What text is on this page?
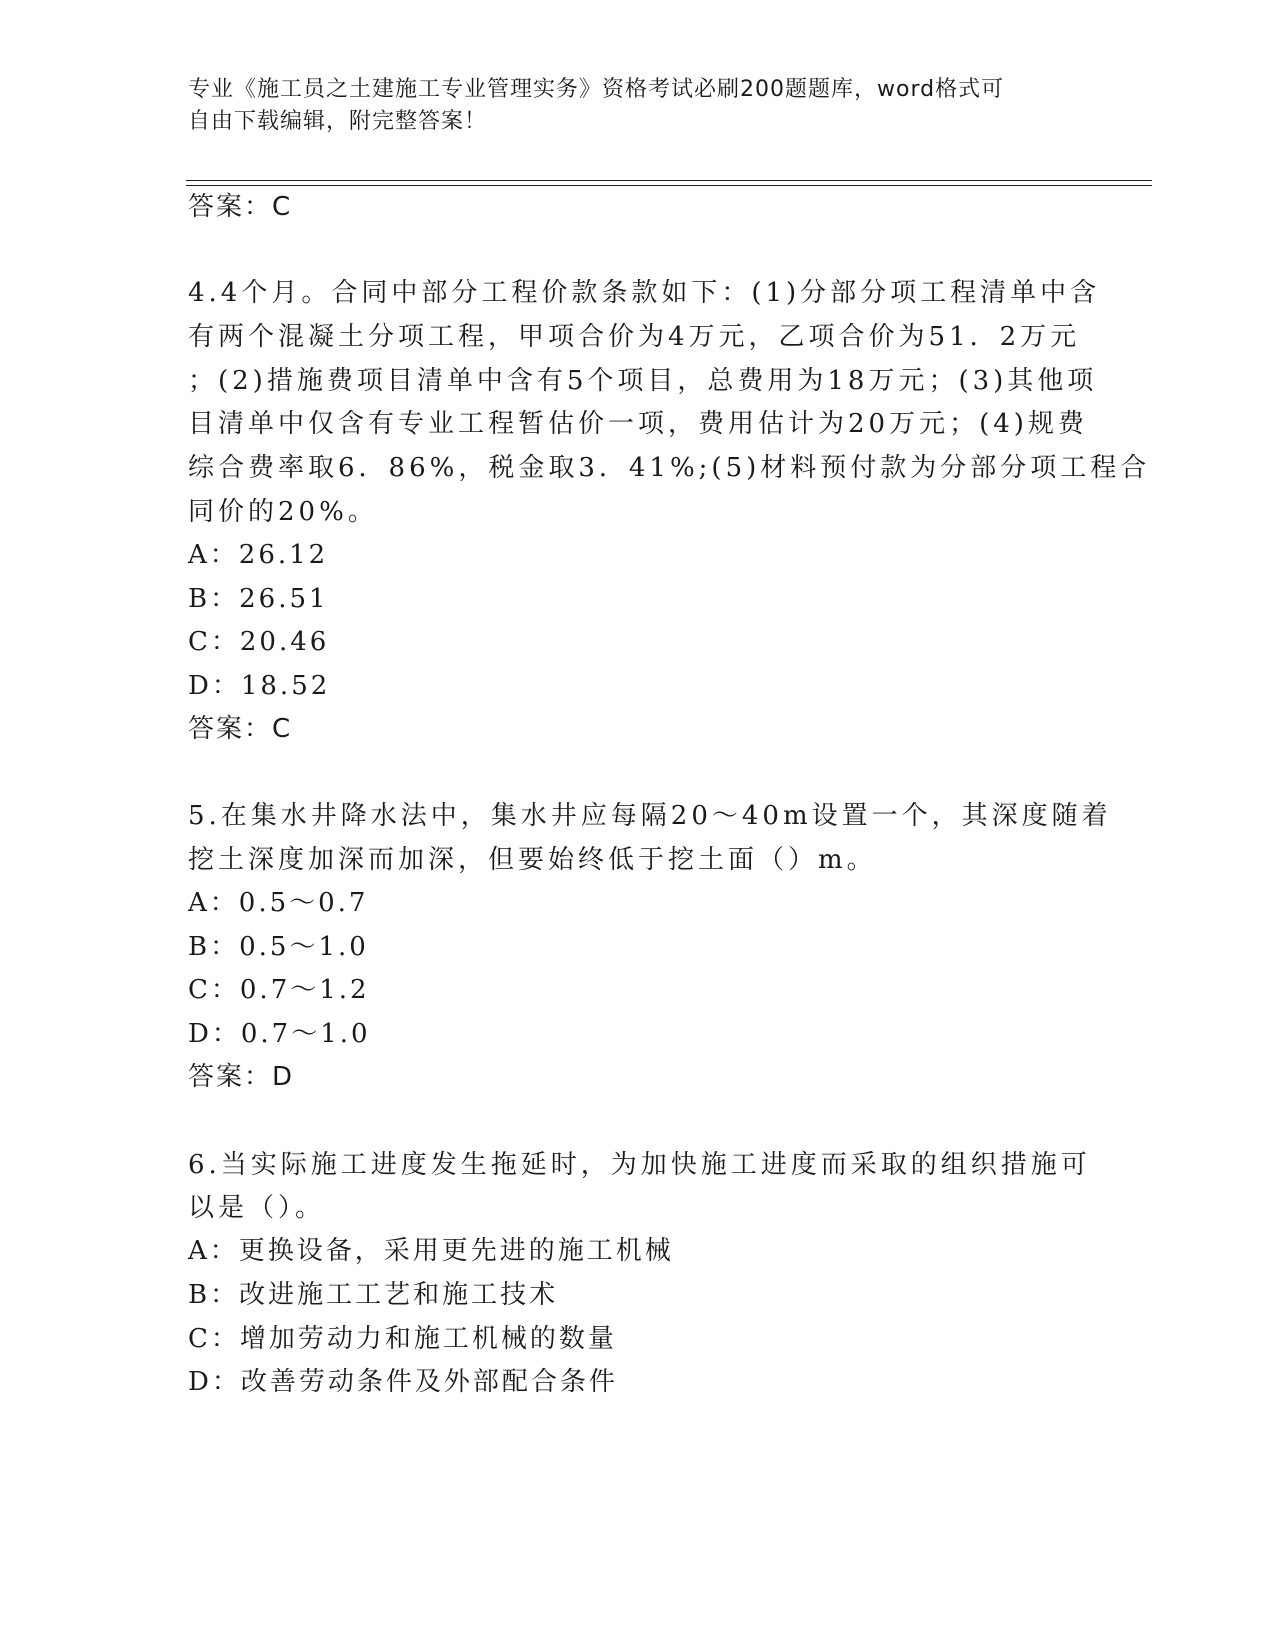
专业《施工员之土建施工专业管理实务》资格考试必刷200题题库，word格式可
自由下载编辑，附完整答案！
答案：C
4.4个月。合同中部分工程价款条款如下：(1)分部分项工程清单中含
有两个混凝土分项工程，甲项合价为4万元，乙项合价为51．2万元
；(2)措施费项目清单中含有5个项目，总费用为18万元；(3)其他项
目清单中仅含有专业工程暂估价一项，费用估计为20万元；(4)规费
综合费率取6．86%，税金取3．41%;(5)材料预付款为分部分项工程合
同价的20%。
A：26.12
B：26.51
C：20.46
D：18.52
答案：C
5.在集水井降水法中，集水井应每隔20～40m设置一个，其深度随着
挖土深度加深而加深，但要始终低于挖土面（）m。
A：0.5～0.7
B：0.5～1.0
C：0.7～1.2
D：0.7～1.0
答案：D
6.当实际施工进度发生拖延时，为加快施工进度而采取的组织措施可
以是（）。
A：更换设备，采用更先进的施工机械
B：改进施工工艺和施工技术
C：增加劳动力和施工机械的数量
D：改善劳动条件及外部配合条件
